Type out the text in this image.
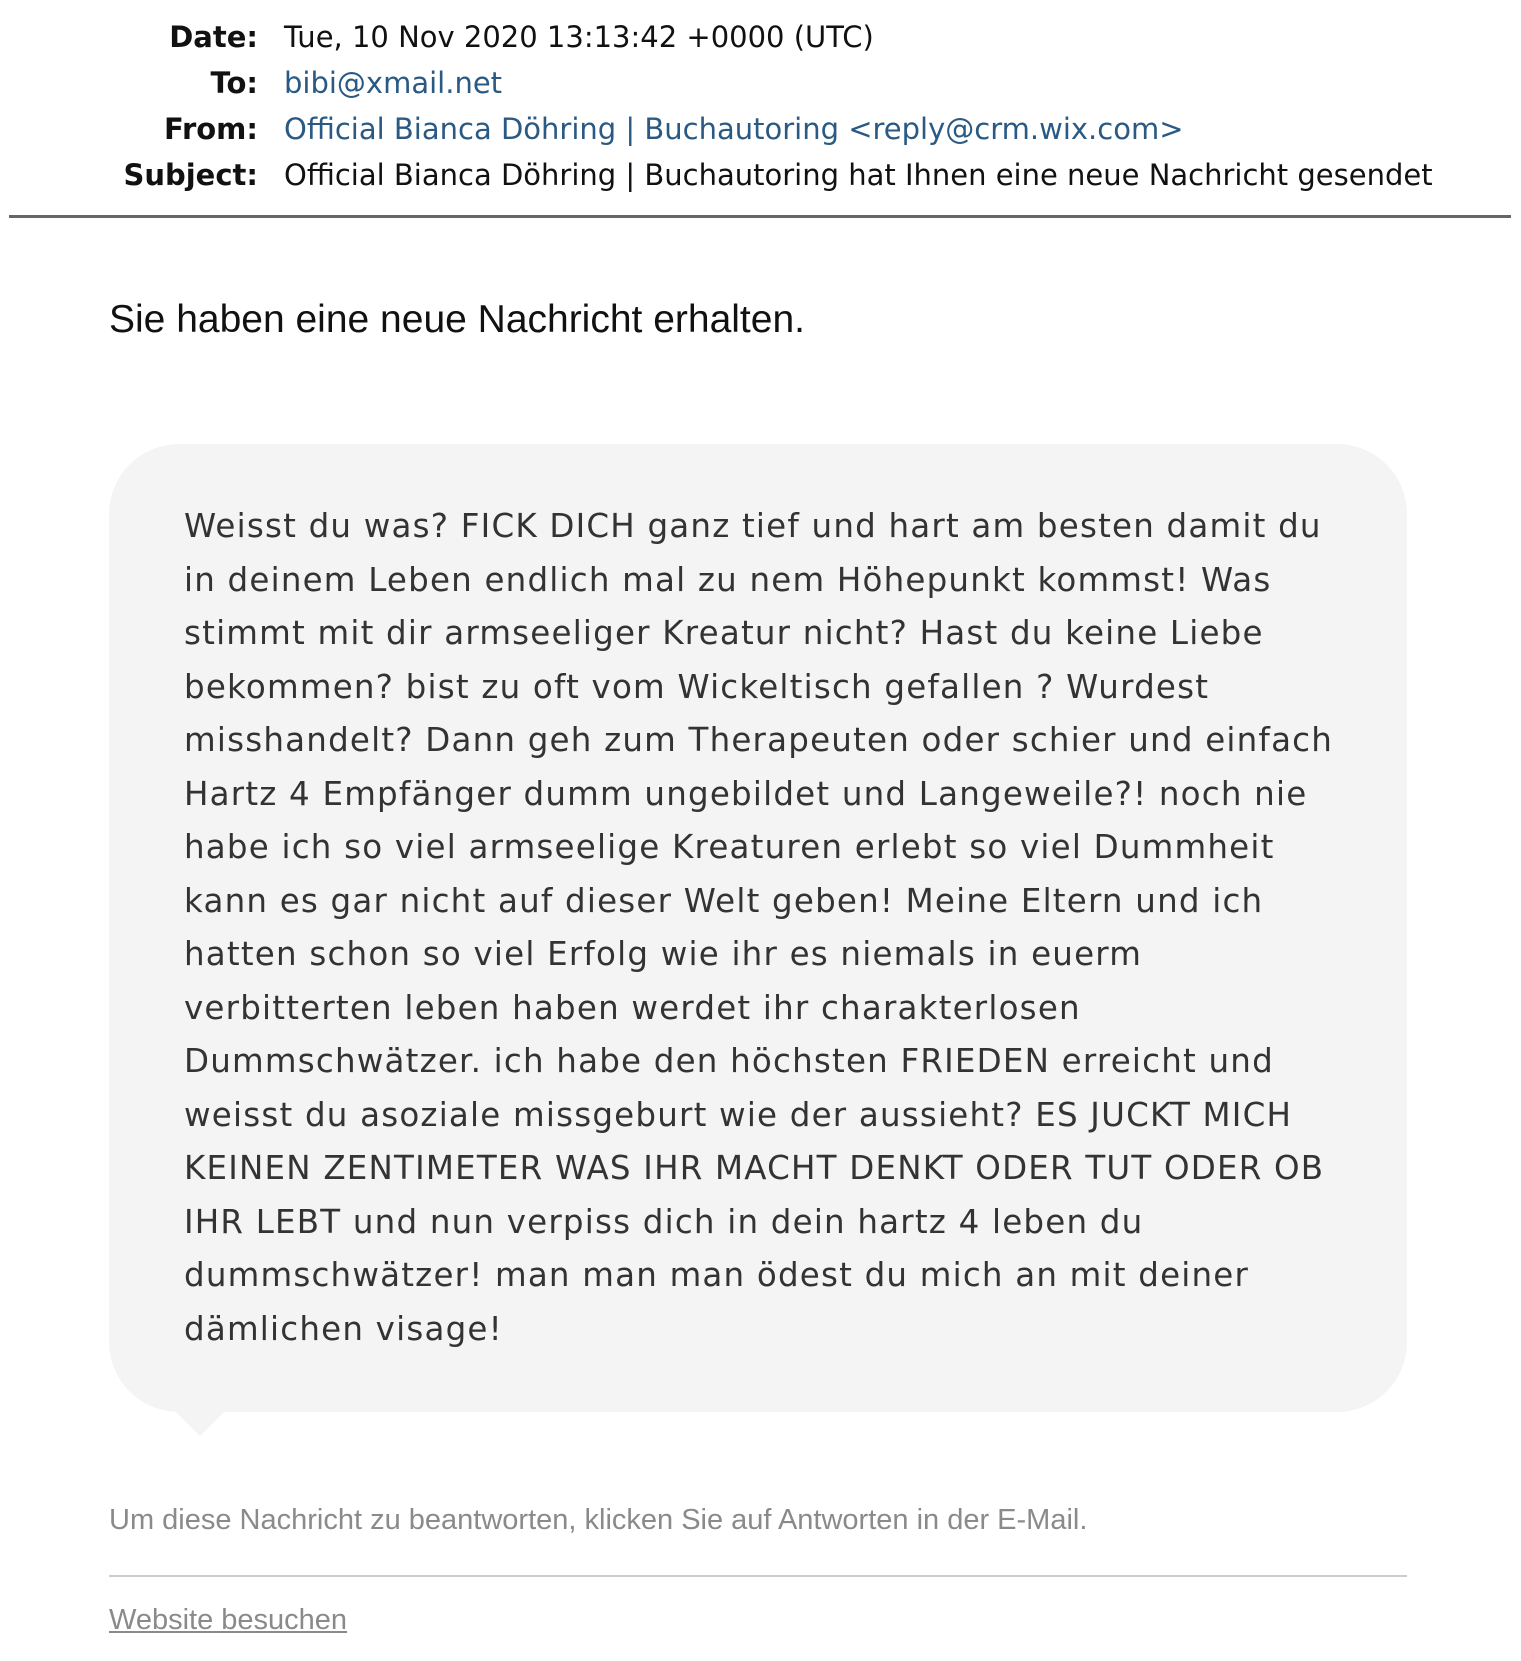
Date: Tue, 10 Nov 2020 13:13:42 +0000 (UTC)
To: bibi@xmail.net
From: Official Bianca Döhring | Buchautoring <reply@crm.wix.com>
Subject: Official Bianca Döhring | Buchautoring hat Ihnen eine neue Nachricht gesendet
Sie haben eine neue Nachricht erhalten.

Weisst du was? FICK DICH ganz tief und hart am besten damit du in deinem Leben endlich mal zu nem Höhepunkt kommst! Was stimmt mit dir armseeliger Kreatur nicht? Hast du keine Liebe bekommen? bist zu oft vom Wickeltisch gefallen ? Wurdest misshandelt? Dann geh zum Therapeuten oder schier und einfach Hartz 4 Empfänger dumm ungebildet und Langeweile?! noch nie habe ich so viel armseelige Kreaturen erlebt so viel Dummheit kann es gar nicht auf dieser Welt geben! Meine Eltern und ich hatten schon so viel Erfolg wie ihr es niemals in euerm verbitterten leben haben werdet ihr charakterlosen Dummschwätzer. ich habe den höchsten FRIEDEN erreicht und weisst du asoziale missgeburt wie der aussieht? ES JUCKT MICH KEINEN ZENTIMETER WAS IHR MACHT DENKT ODER TUT ODER OB IHR LEBT und nun verpiss dich in dein hartz 4 leben du dummschwätzer! man man man ödest du mich an mit deiner dämlichen visage!

Um diese Nachricht zu beantworten, klicken Sie auf Antworten in der E-Mail.
Website besuchen
